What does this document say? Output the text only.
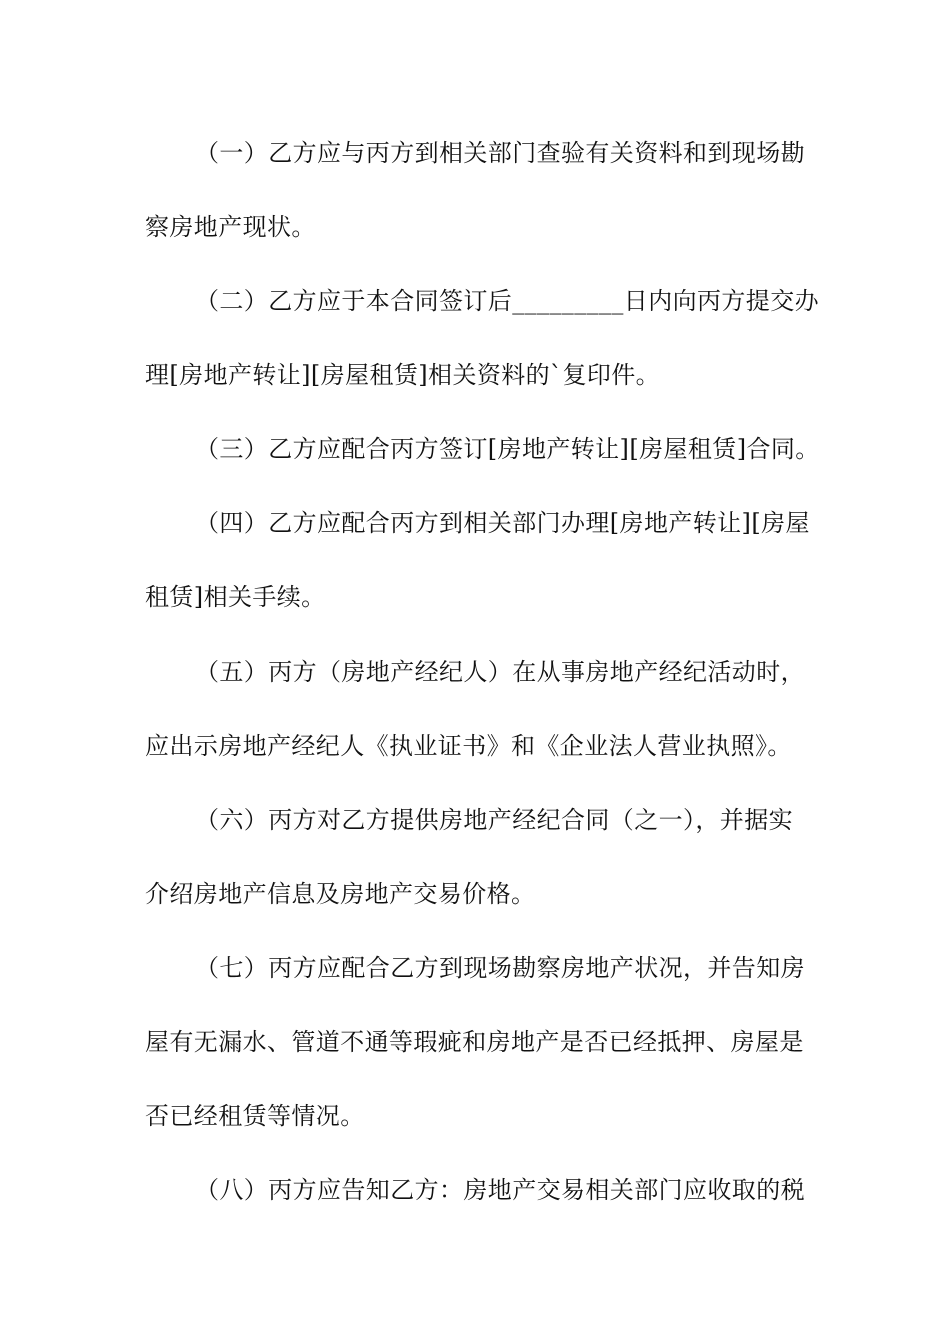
（一）乙方应与丙方到相关部门查验有关资料和到现场勘
察房地产现状。
（二）乙方应于本合同签订后_________日内向丙方提交办
理[房地产转让][房屋租赁]相关资料的`复印件。
（三）乙方应配合丙方签订[房地产转让][房屋租赁]合同。
（四）乙方应配合丙方到相关部门办理[房地产转让][房屋
租赁]相关手续。
（五）丙方（房地产经纪人）在从事房地产经纪活动时，
应出示房地产经纪人《执业证书》和《企业法人营业执照》。
（六）丙方对乙方提供房地产经纪合同（之一），并据实
介绍房地产信息及房地产交易价格。
（七）丙方应配合乙方到现场勘察房地产状况，并告知房
屋有无漏水、管道不通等瑕疵和房地产是否已经抵押、房屋是
否已经租赁等情况。
（八）丙方应告知乙方：房地产交易相关部门应收取的税
